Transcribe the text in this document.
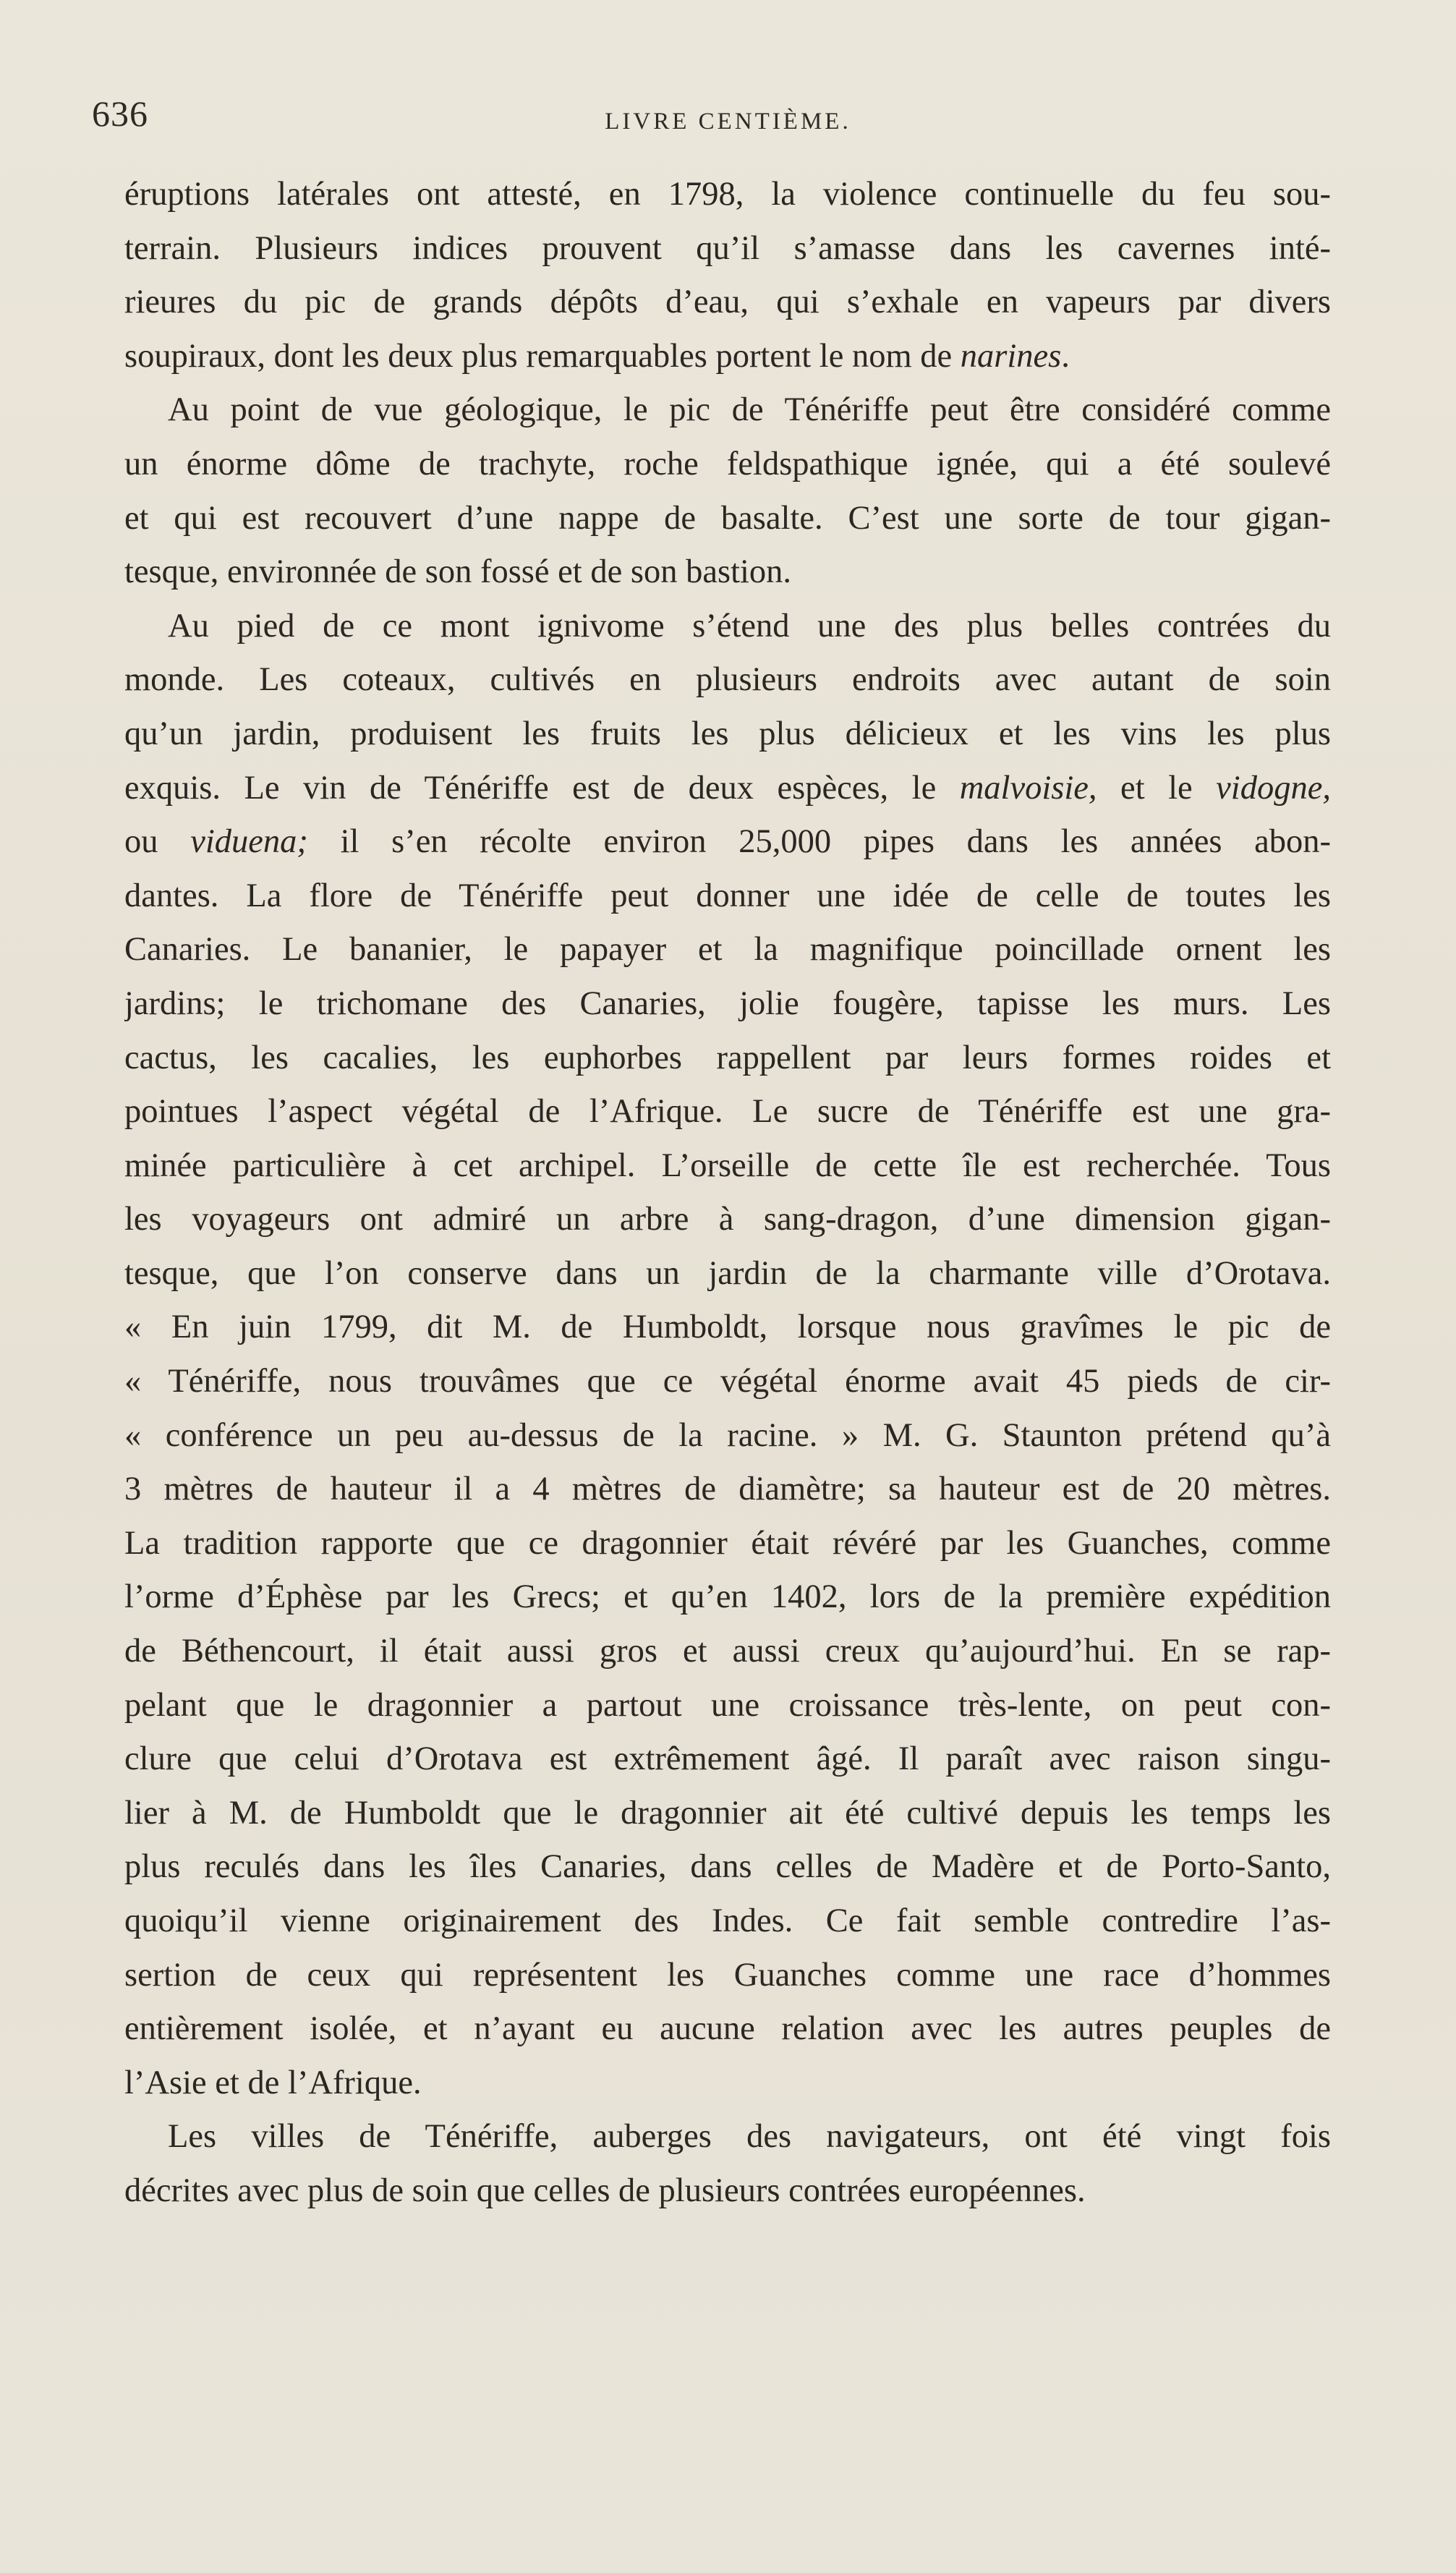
636	LIVRE CENTIÈME.
éruptions latérales ont attesté, en 1798, la violence continuelle du feu sou-
terrain. Plusieurs indices prouvent qu’il s’amasse dans les cavernes inté-
rieures du pic de grands dépôts d’eau, qui s’exhale en vapeurs par divers
soupiraux, dont les deux plus remarquables portent le nom de narines.
Au point de vue géologique, le pic de Ténériffe peut être considéré comme
un énorme dôme de trachyte, roche feldspathique ignée, qui a été soulevé
et qui est recouvert d’une nappe de basalte. C’est une sorte de tour gigan-
tesque, environnée de son fossé et de son bastion.
Au pied de ce mont ignivome s’étend une des plus belles contrées du
monde. Les coteaux, cultivés en plusieurs endroits avec autant de soin
qu’un jardin, produisent les fruits les plus délicieux et les vins les plus
exquis. Le vin de Ténériffe est de deux espèces, le malvoisie, et le vidogne,
ou viduena; il s’en récolte environ 25,000 pipes dans les années abon-
dantes. La flore de Ténériffe peut donner une idée de celle de toutes les
Canaries. Le bananier, le papayer et la magnifique poincillade ornent les
jardins; le trichomane des Canaries, jolie fougère, tapisse les murs. Les
cactus, les cacalies, les euphorbes rappellent par leurs formes roides et
pointues l’aspect végétal de l’Afrique. Le sucre de Ténériffe est une gra-
minée particulière à cet archipel. L’orseille de cette île est recherchée. Tous
les voyageurs ont admiré un arbre à sang-dragon, d’une dimension gigan-
tesque, que l’on conserve dans un jardin de la charmante ville d’Orotava.
« En juin 1799, dit M. de Humboldt, lorsque nous gravîmes le pic de
« Ténériffe, nous trouvâmes que ce végétal énorme avait 45 pieds de cir-
« conférence un peu au-dessus de la racine. » M. G. Staunton prétend qu’à
3 mètres de hauteur il a 4 mètres de diamètre; sa hauteur est de 20 mètres.
La tradition rapporte que ce dragonnier était révéré par les Guanches, comme
l’orme d’Éphèse par les Grecs; et qu’en 1402, lors de la première expédition
de Béthencourt, il était aussi gros et aussi creux qu’aujourd’hui. En se rap-
pelant que le dragonnier a partout une croissance très-lente, on peut con-
clure que celui d’Orotava est extrêmement âgé. Il paraît avec raison singu-
lier à M. de Humboldt que le dragonnier ait été cultivé depuis les temps les
plus reculés dans les îles Canaries, dans celles de Madère et de Porto-Santo,
quoiqu’il vienne originairement des Indes. Ce fait semble contredire l’as-
sertion de ceux qui représentent les Guanches comme une race d’hommes
entièrement isolée, et n’ayant eu aucune relation avec les autres peuples de
l’Asie et de l’Afrique.
Les villes de Ténériffe, auberges des navigateurs, ont été vingt fois
décrites avec plus de soin que celles de plusieurs contrées européennes.
